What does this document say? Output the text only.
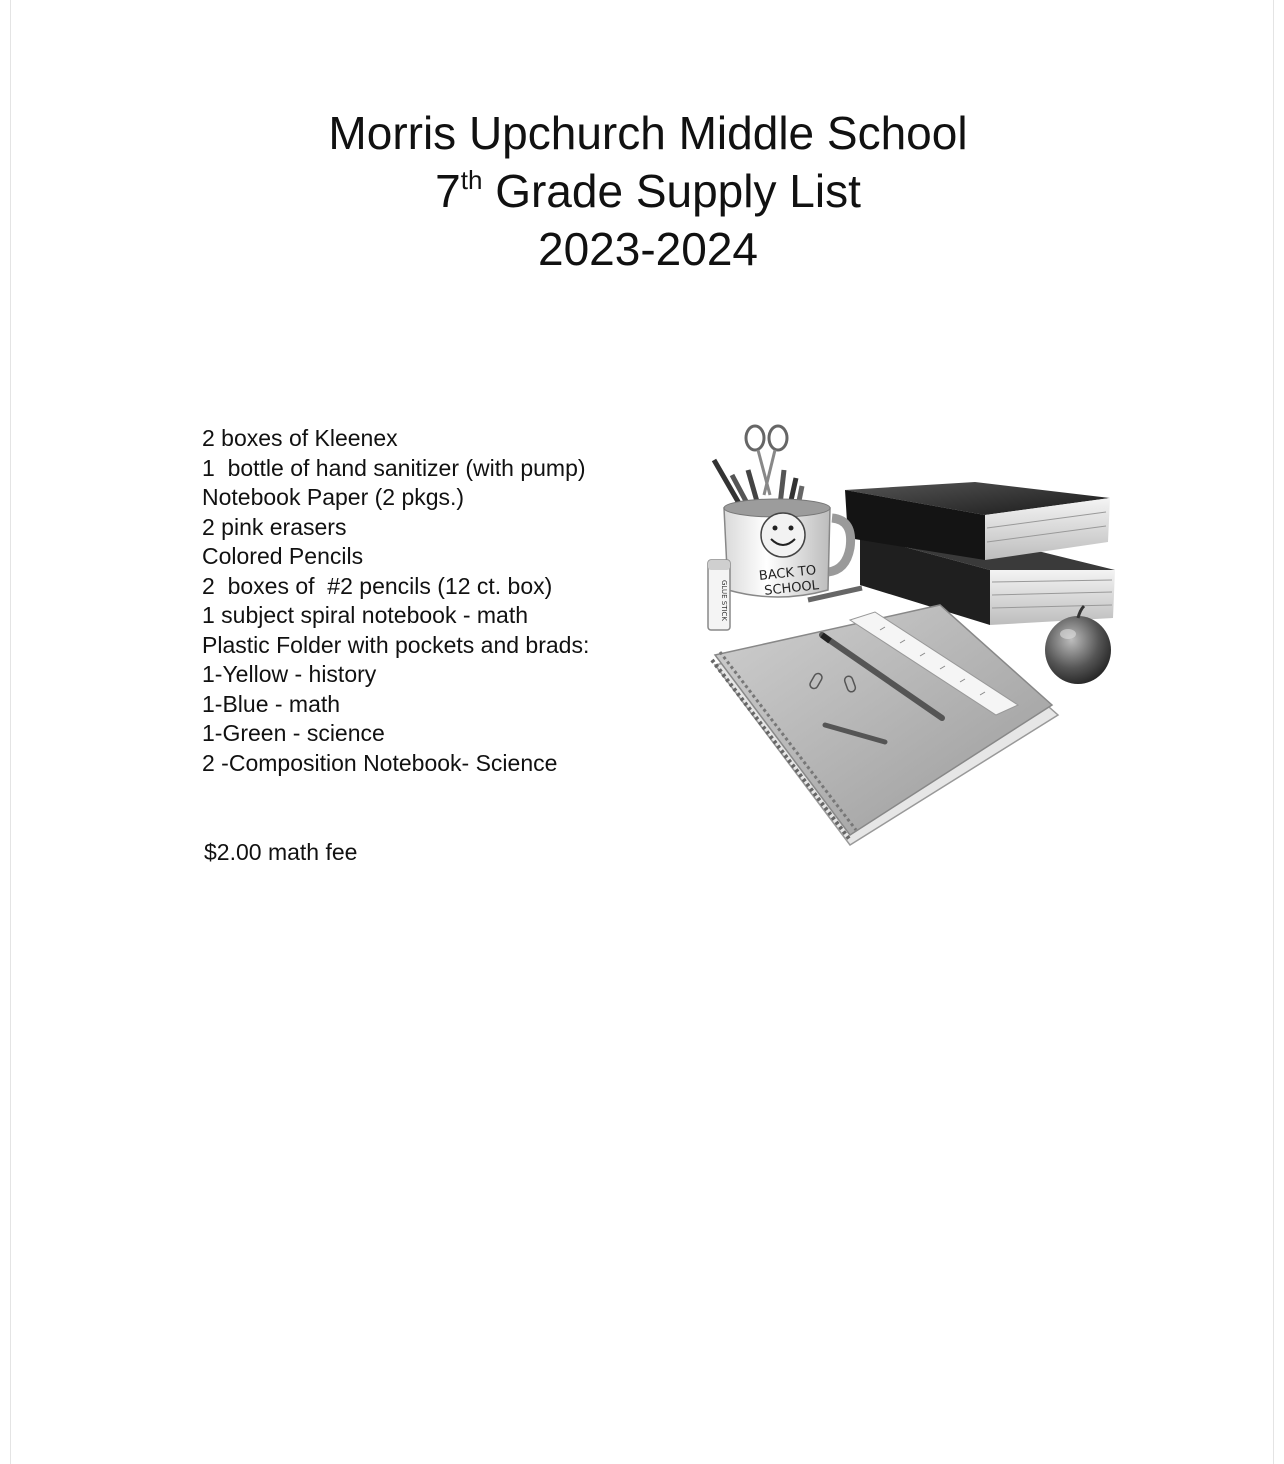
Morris Upchurch Middle School
7th Grade Supply List
2023-2024
2 boxes of Kleenex
1  bottle of hand sanitizer (with pump)
Notebook Paper (2 pkgs.)
2 pink erasers
Colored Pencils
2  boxes of  #2 pencils (12 ct. box)
1 subject spiral notebook - math
Plastic Folder with pockets and brads:
1-Yellow - history
1-Blue - math
1-Green - science
2 -Composition Notebook- Science
$2.00 math fee
BACK TO
SCHOOL
GLUE STICK
